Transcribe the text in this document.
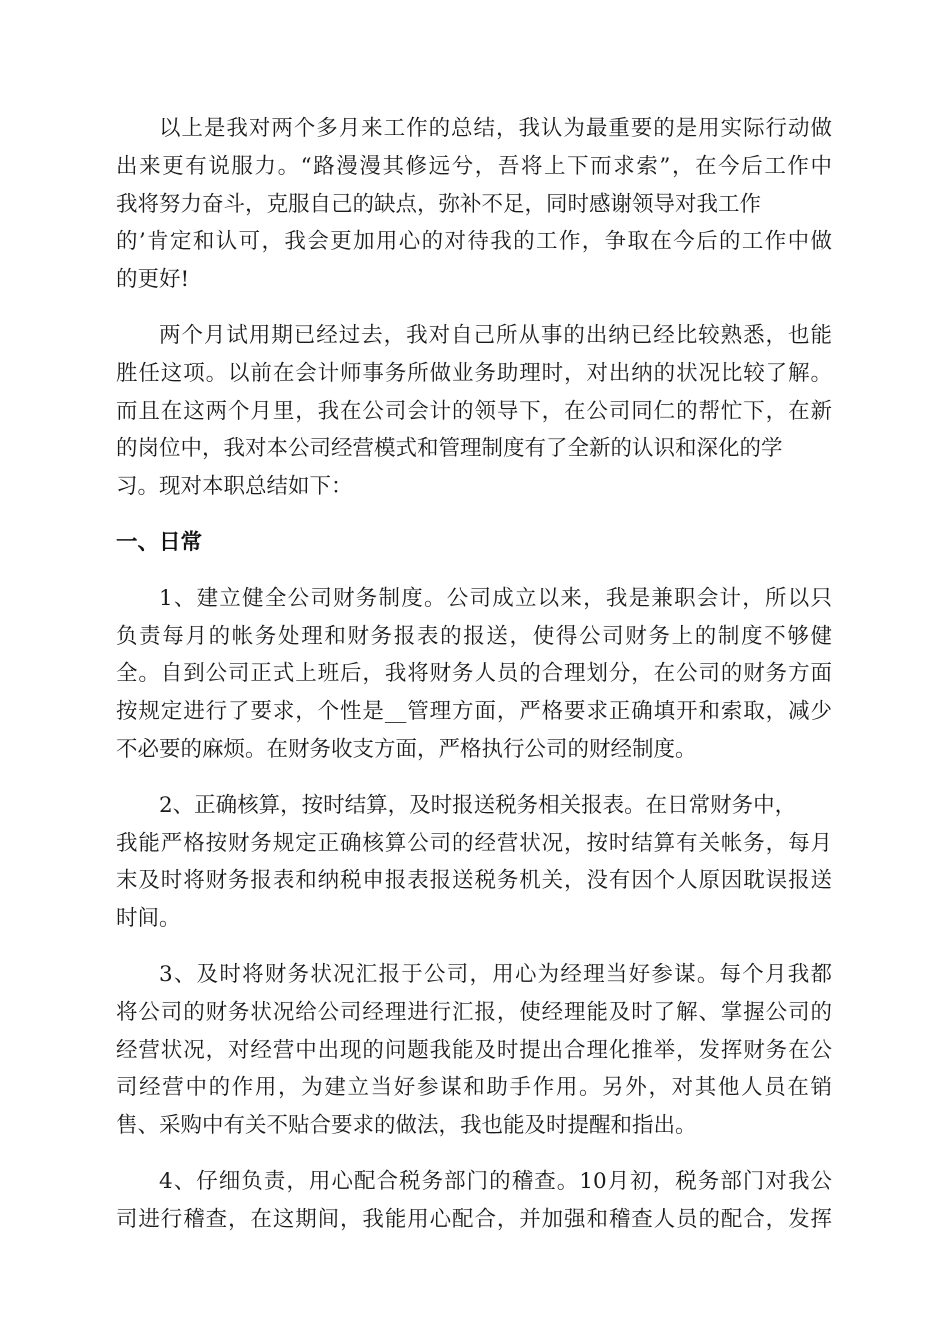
以上是我对两个多月来工作的总结，我认为最重要的是用实际行动做
出来更有说服力。“路漫漫其修远兮，吾将上下而求索”，在今后工作中
我将努力奋斗，克服自己的缺点，弥补不足，同时感谢领导对我工作
的’肯定和认可，我会更加用心的对待我的工作，争取在今后的工作中做
的更好!

两个月试用期已经过去，我对自己所从事的出纳已经比较熟悉，也能
胜任这项。以前在会计师事务所做业务助理时，对出纳的状况比较了解。
而且在这两个月里，我在公司会计的领导下，在公司同仁的帮忙下，在新
的岗位中，我对本公司经营模式和管理制度有了全新的认识和深化的学
习。现对本职总结如下：

一、日常

1、建立健全公司财务制度。公司成立以来，我是兼职会计，所以只
负责每月的帐务处理和财务报表的报送，使得公司财务上的制度不够健
全。自到公司正式上班后，我将财务人员的合理划分，在公司的财务方面
按规定进行了要求，个性是__管理方面，严格要求正确填开和索取，减少
不必要的麻烦。在财务收支方面，严格执行公司的财经制度。

2、正确核算，按时结算，及时报送税务相关报表。在日常财务中，
我能严格按财务规定正确核算公司的经营状况，按时结算有关帐务，每月
末及时将财务报表和纳税申报表报送税务机关，没有因个人原因耽误报送
时间。

3、及时将财务状况汇报于公司，用心为经理当好参谋。每个月我都
将公司的财务状况给公司经理进行汇报，使经理能及时了解、掌握公司的
经营状况，对经营中出现的问题我能及时提出合理化推举，发挥财务在公
司经营中的作用，为建立当好参谋和助手作用。另外，对其他人员在销
售、采购中有关不贴合要求的做法，我也能及时提醒和指出。

4、仔细负责，用心配合税务部门的稽查。10月初，税务部门对我公
司进行稽查，在这期间，我能用心配合，并加强和稽查人员的配合，发挥
